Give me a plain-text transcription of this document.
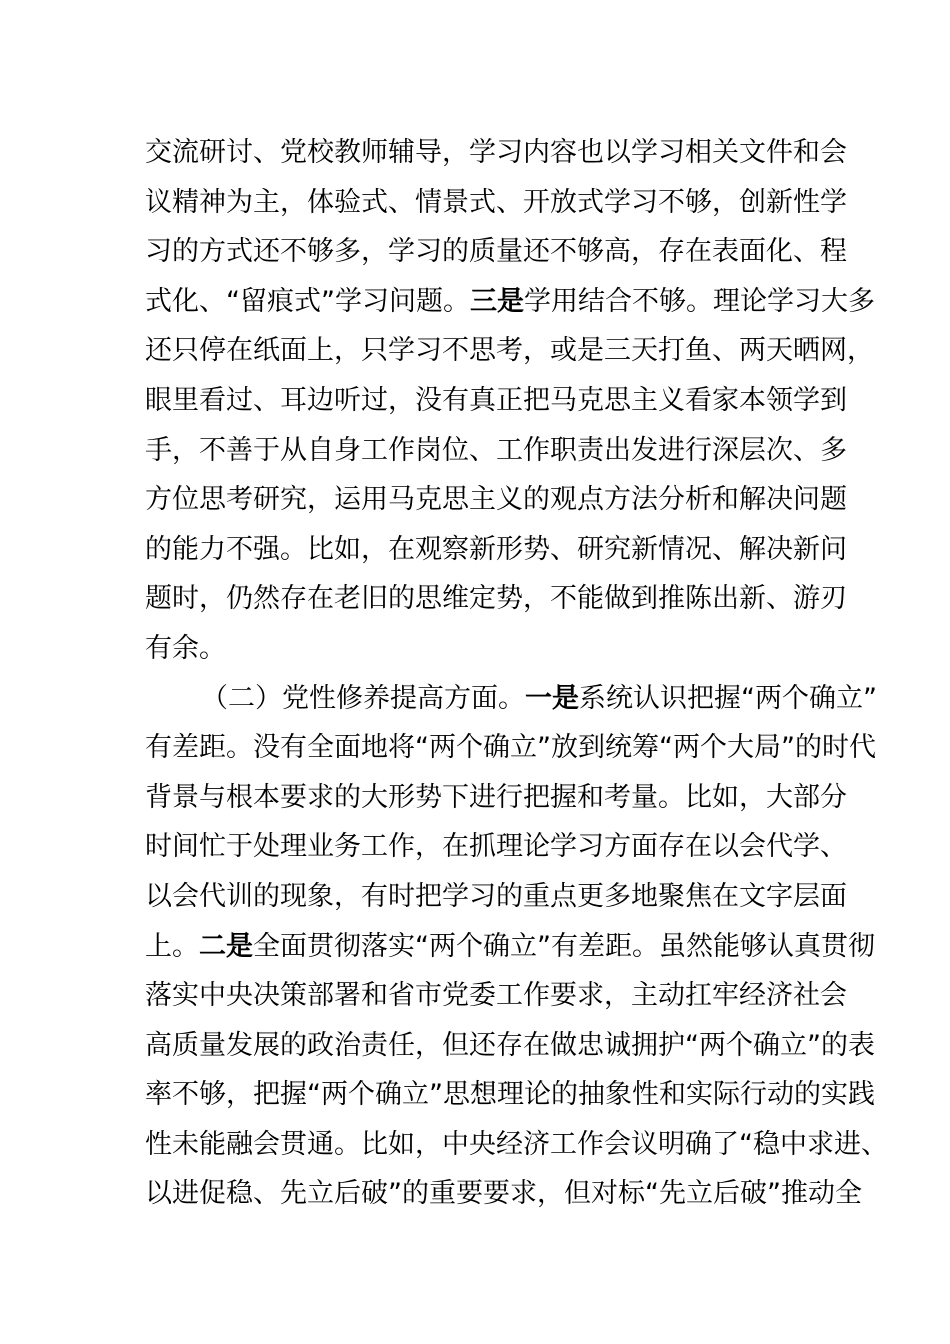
交流研讨、党校教师辅导，学习内容也以学习相关文件和会
议精神为主，体验式、情景式、开放式学习不够，创新性学
习的方式还不够多，学习的质量还不够高，存在表面化、程
式化、“留痕式”学习问题。三是学用结合不够。理论学习大多
还只停在纸面上，只学习不思考，或是三天打鱼、两天晒网，
眼里看过、耳边听过，没有真正把马克思主义看家本领学到
手，不善于从自身工作岗位、工作职责出发进行深层次、多
方位思考研究，运用马克思主义的观点方法分析和解决问题
的能力不强。比如，在观察新形势、研究新情况、解决新问
题时，仍然存在老旧的思维定势，不能做到推陈出新、游刃
有余。
（二）党性修养提高方面。一是系统认识把握“两个确立”
有差距。没有全面地将“两个确立”放到统筹“两个大局”的时代
背景与根本要求的大形势下进行把握和考量。比如，大部分
时间忙于处理业务工作，在抓理论学习方面存在以会代学、
以会代训的现象，有时把学习的重点更多地聚焦在文字层面
上。二是全面贯彻落实“两个确立”有差距。虽然能够认真贯彻
落实中央决策部署和省市党委工作要求，主动扛牢经济社会
高质量发展的政治责任，但还存在做忠诚拥护“两个确立”的表
率不够，把握“两个确立”思想理论的抽象性和实际行动的实践
性未能融会贯通。比如，中央经济工作会议明确了“稳中求进、
以进促稳、先立后破”的重要要求，但对标“先立后破”推动全
